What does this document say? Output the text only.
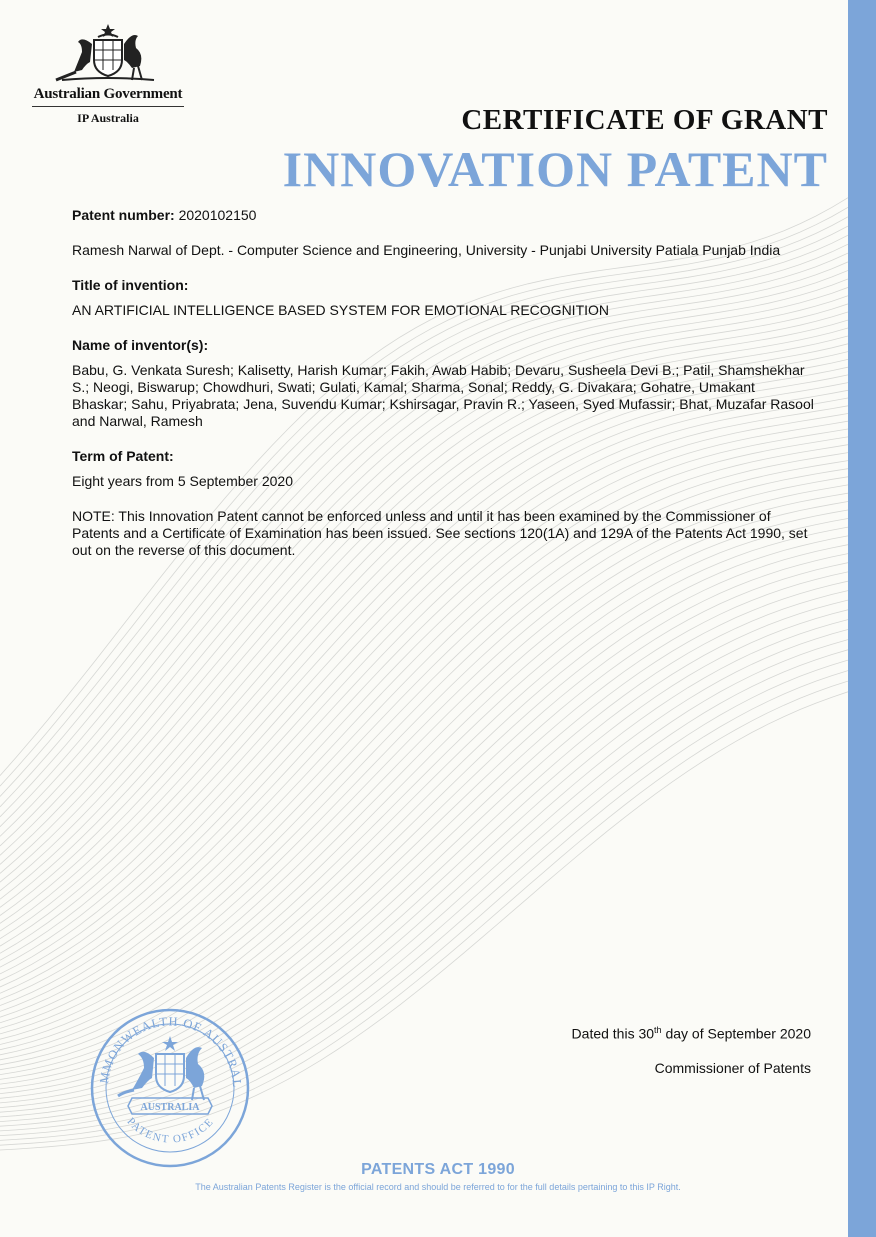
Australian Government
IP Australia	CERTIFICATE OF GRANT
INNOVATION PATENT

Patent number: 2020102150

Ramesh Narwal of Dept. - Computer Science and Engineering, University - Punjabi University Patiala Punjab India

Title of invention:

AN ARTIFICIAL INTELLIGENCE BASED SYSTEM FOR EMOTIONAL RECOGNITION

Name of inventor(s):

Babu, G. Venkata Suresh; Kalisetty, Harish Kumar; Fakih, Awab Habib; Devaru, Susheela Devi B.; Patil, Shamshekhar S.; Neogi, Biswarup; Chowdhuri, Swati; Gulati, Kamal; Sharma, Sonal; Reddy, G. Divakara; Gohatre, Umakant Bhaskar; Sahu, Priyabrata; Jena, Suvendu Kumar; Kshirsagar, Pravin R.; Yaseen, Syed Mufassir; Bhat, Muzafar Rasool and Narwal, Ramesh

Term of Patent:

Eight years from 5 September 2020

NOTE: This Innovation Patent cannot be enforced unless and until it has been examined by the Commissioner of Patents and a Certificate of Examination has been issued. See sections 120(1A) and 129A of the Patents Act 1990, set out on the reverse of this document.

MMONWEALTH OF AUSTRAL
PATENT OFFICE
AUSTRALIA
Dated this 30th day of September 2020
Commissioner of Patents
PATENTS ACT 1990
The Australian Patents Register is the official record and should be referred to for the full details pertaining to this IP Right.
